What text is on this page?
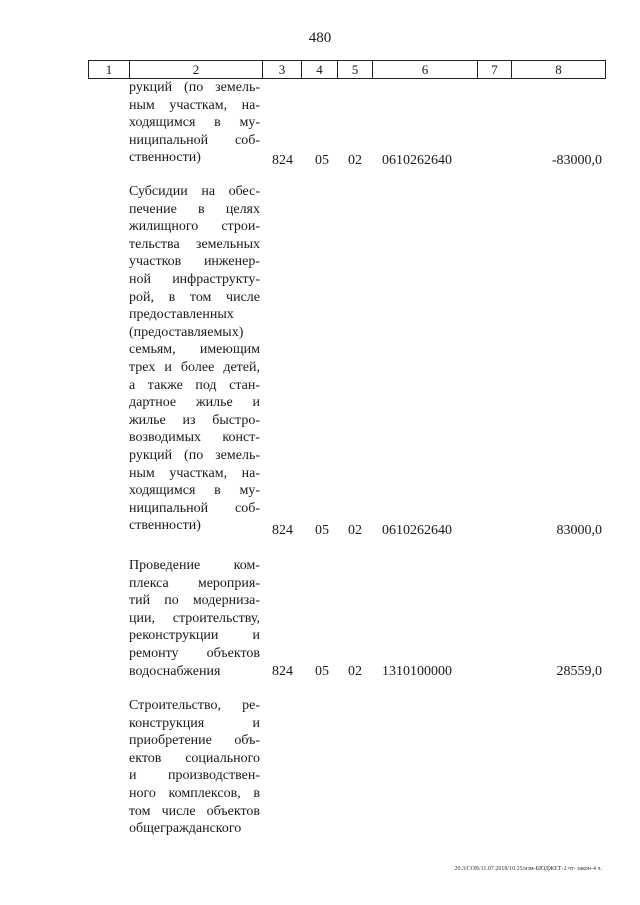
480
1	2	3	4	5	6	7	8
рукций (по земель-
ным участкам, на-
ходящимся в му-
ниципальной соб-
ственности)	824 05 02 0610262640	-83000,0
Субсидии на обес-
печение в целях
жилищного строи-
тельства земельных
участков инженер-
ной инфраструкту-
рой, в том числе
предоставленных
(предоставляемых)
семьям, имеющим
трех и более детей,
а также под стан-
дартное жилье и
жилье из быстро-
возводимых конст-
рукций (по земель-
ным участкам, на-
ходящимся в му-
ниципальной соб-
ственности)	824 05 02 0610262640	83000,0
Проведение ком-
плекса мероприя-
тий по модерниза-
ции, строительству,
реконструкции и
ремонту объектов
водоснабжения	824 05 02 1310100000	28559,0
Строительство, ре-
конструкция и
приобретение объ-
ектов социального
и производствен-
ного комплексов, в
том числе объектов
общегражданского
20.3/СОВ/11.07.2018/10.25/изм-БЮДЖЕТ-2 чт- закон-4 ч.
